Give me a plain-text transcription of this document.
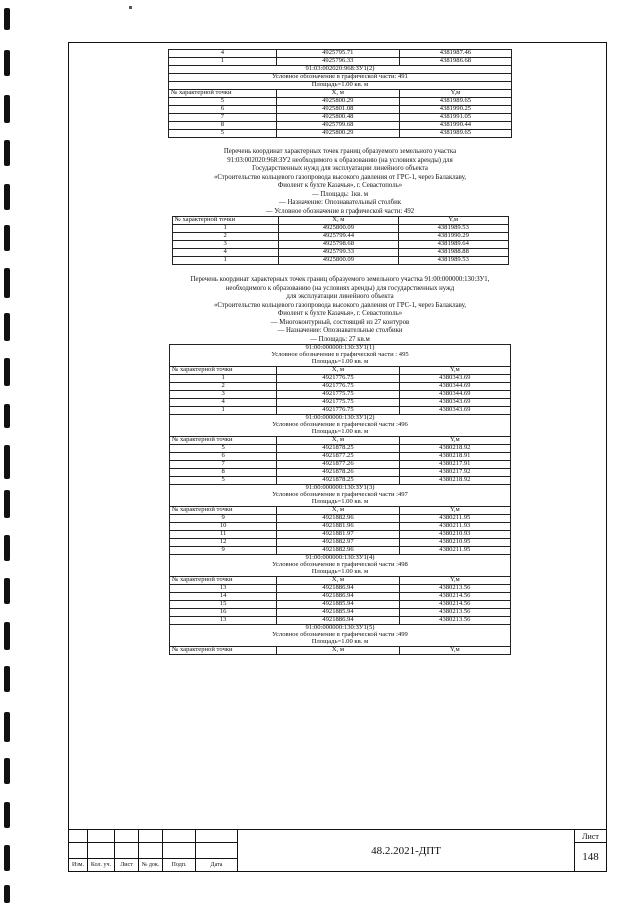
4	4925795.71	4381987.46
1	4925796.33	4381986.68
91:03:002020:968:ЗУ1(2)		
Условное обозначение в графической части: 491		
Площадь=1.00 кв. м		
№ характерной точки	X, м	Y,м
5	4925800.29	4381989.65
6	4925801.08	4381990.25
7	4925800.48	4381991.05
8	4925799.68	4381990.44
5	4925800.29	4381989.65
Перечень координат характерных точек границ образуемого земельного участка
91:03:002020:968:ЗУ2 необходимого к образованию (на условиях аренды) для
Государственных нужд для эксплуатации линейного объекта
«Строительство кольцевого газопровода высокого давления от ГРС-1, через Балаклаву,
Фиолент к бухте Казачья», г. Севастополь»
— Площадь: 1кв. м
— Назначение: Опознавательный столбик
— Условное обозначение в графической части: 492
№ характерной точки	X, м	Y,м
1	4925800.09	4381989.53
2	4925799.44	4381990.29
3	4925798.68	4381989.64
4	4925799.33	4381988.88
1	4925800.09	4381989.53
Перечень координат характерных точек границ образуемого земельного участка 91:00:000000:130:ЗУ1,
необходимого к образованию (на условиях аренды) для государственных нужд
для эксплуатации линейного объекта
«Строительство кольцевого газопровода высокого давления от ГРС-1, через Балаклаву,
Фиолент к бухте Казачья», г. Севастополь»
— Многоконтурный, состоящий из 27 контуров
— Назначение: Опознавательные столбики
— Площадь: 27 кв.м
91:00:000000:130:ЗУ1(1)		
Условное обозначение в графической части : 495		
Площадь=1.00 кв. м		
№ характерной точки	X, м	Y,м
1	4921776.75	4380343.69
2	4921776.75	4380344.69
3	4921775.75	4380344.69
4	4921775.75	4380343.69
1	4921776.75	4380343.69
91:00:000000:130:ЗУ1(2)		
Условное обозначение в графической части :496		
Площадь=1.00 кв. м		
№ характерной точки	X, м	Y,м
5	4921878.25	4380218.92
6	4921877.25	4380218.91
7	4921877.26	4380217.91
8	4921878.26	4380217.92
5	4921878.25	4380218.92
91:00:000000:130:ЗУ1(3)		
Условное обозначение в графической части :497		
Площадь=1.00 кв. м		
№ характерной точки	X, м	Y,м
9	4921882.96	4380211.95
10	4921881.96	4380211.93
11	4921881.97	4380210.93
12	4921882.97	4380210.95
9	4921882.96	4380211.95
91:00:000000:130:ЗУ1(4)		
Условное обозначение в графической части :498		
Площадь=1.00 кв. м		
№ характерной точки	X, м	Y,м
13	4921886.94	4380213.56
14	4921886.94	4380214.56
15	4921885.94	4380214.56
16	4921885.94	4380213.56
13	4921886.94	4380213.56
91:00:000000:130:ЗУ1(5)		
Условное обозначение в графической части :499		
Площадь=1.00 кв. м		
№ характерной точки	X, м	Y,м
						48.2.2021-ДПТ	Лист
							148
Изм.	Кол. уч.	Лист	№ док.	Подп.	Дата		
